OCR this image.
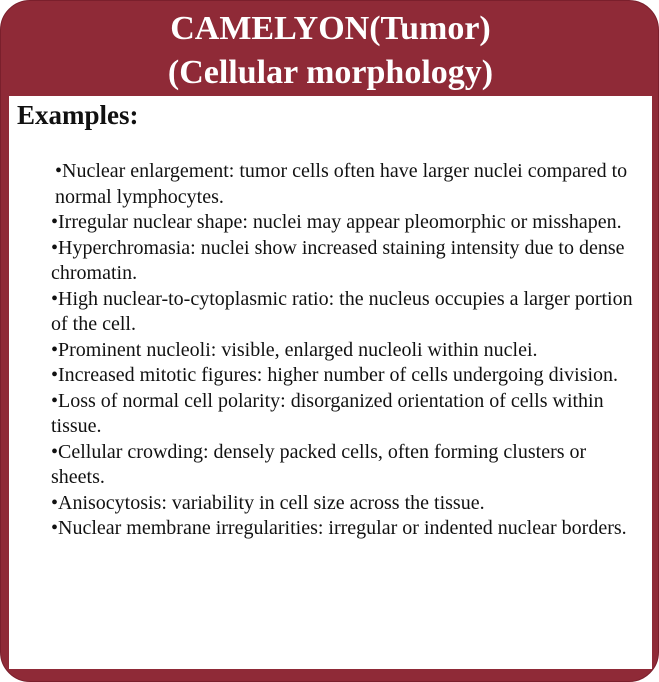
CAMELYON(Tumor)
(Cellular morphology)
Examples:
•Nuclear enlargement: tumor cells often have larger nuclei compared to normal lymphocytes.
•Irregular nuclear shape: nuclei may appear pleomorphic or misshapen.
•Hyperchromasia: nuclei show increased staining intensity due to dense chromatin.
•High nuclear-to-cytoplasmic ratio: the nucleus occupies a larger portion of the cell.
•Prominent nucleoli: visible, enlarged nucleoli within nuclei.
•Increased mitotic figures: higher number of cells undergoing division.
•Loss of normal cell polarity: disorganized orientation of cells within tissue.
•Cellular crowding: densely packed cells, often forming clusters or sheets.
•Anisocytosis: variability in cell size across the tissue.
•Nuclear membrane irregularities: irregular or indented nuclear borders.
